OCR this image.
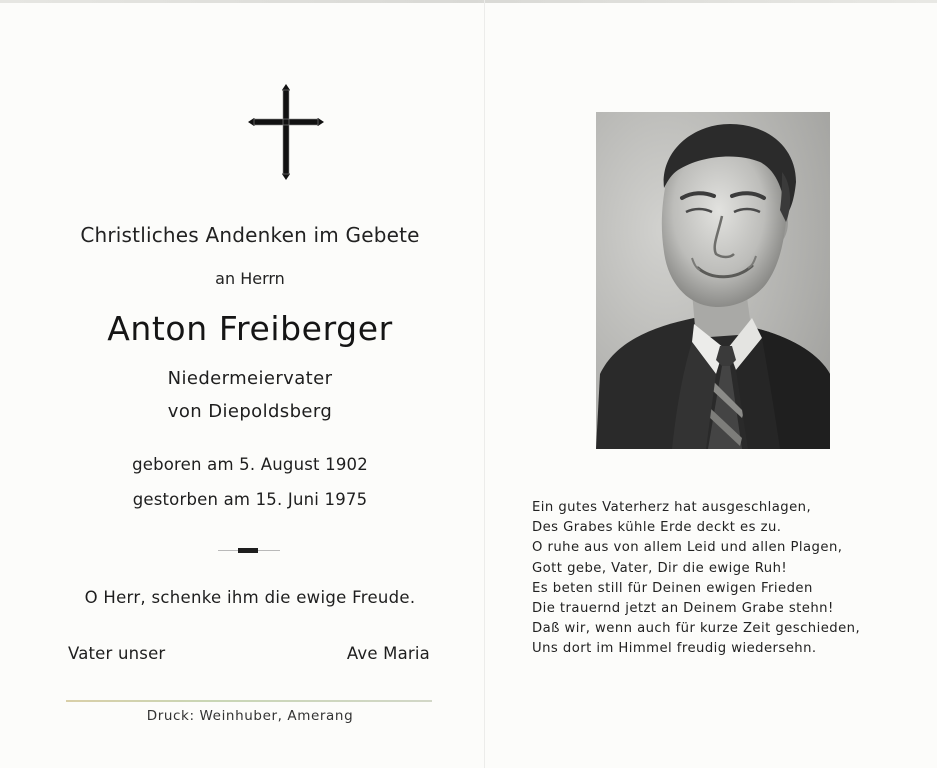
Christliches Andenken im Gebete
an Herrn
Anton Freiberger
Niedermeiervater
von Diepoldsberg
geboren am 5. August 1902
gestorben am 15. Juni 1975
O Herr, schenke ihm die ewige Freude.
Vater unser	Ave Maria
Druck: Weinhuber, Amerang
Ein gutes Vaterherz hat ausgeschlagen,
Des Grabes kühle Erde deckt es zu.
O ruhe aus von allem Leid und allen Plagen,
Gott gebe, Vater, Dir die ewige Ruh!
Es beten still für Deinen ewigen Frieden
Die trauernd jetzt an Deinem Grabe stehn!
Daß wir, wenn auch für kurze Zeit geschieden,
Uns dort im Himmel freudig wiedersehn.
